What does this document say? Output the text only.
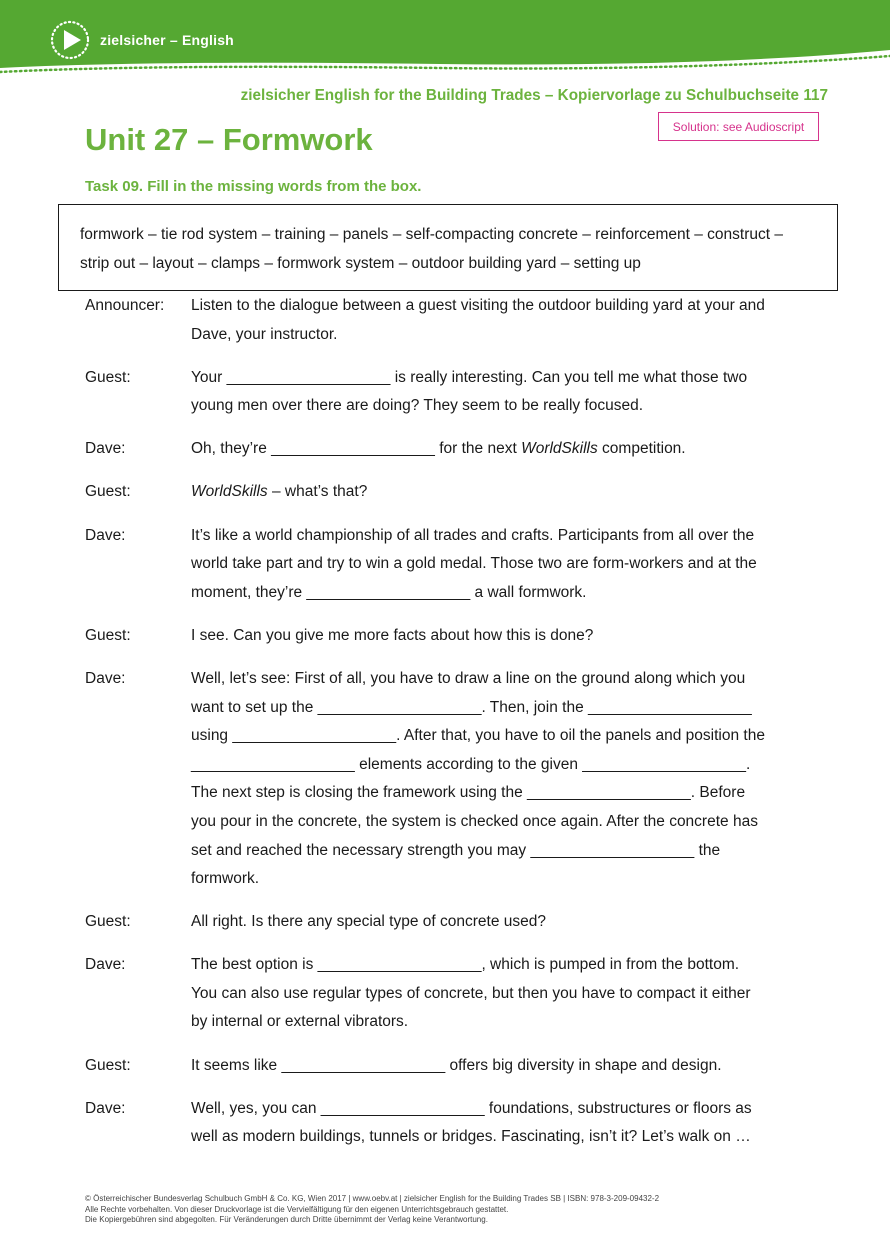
zielsicher – English
zielsicher English for the Building Trades – Kopiervorlage zu Schulbuchseite 117
Solution: see Audioscript
Unit 27 – Formwork
Task 09. Fill in the missing words from the box.
formwork – tie rod system – training – panels – self-compacting concrete – reinforcement – construct –
strip out – layout – clamps – formwork system – outdoor building yard – setting up
Announcer:	Listen to the dialogue between a guest visiting the outdoor building yard at your and
Dave, your instructor.
Guest:	Your ___________________ is really interesting. Can you tell me what those two
young men over there are doing? They seem to be really focused.
Dave:	Oh, they’re ___________________ for the next WorldSkills competition.
Guest:	WorldSkills – what’s that?
Dave:	It’s like a world championship of all trades and crafts. Participants from all over the
world take part and try to win a gold medal. Those two are form-workers and at the
moment, they’re ___________________ a wall formwork.
Guest:	I see. Can you give me more facts about how this is done?
Dave:	Well, let’s see: First of all, you have to draw a line on the ground along which you
want to set up the ___________________. Then, join the ___________________
using ___________________. After that, you have to oil the panels and position the
___________________ elements according to the given ___________________.
The next step is closing the framework using the ___________________. Before
you pour in the concrete, the system is checked once again. After the concrete has
set and reached the necessary strength you may ___________________ the
formwork.
Guest:	All right. Is there any special type of concrete used?
Dave:	The best option is ___________________, which is pumped in from the bottom.
You can also use regular types of concrete, but then you have to compact it either
by internal or external vibrators.
Guest:	It seems like ___________________ offers big diversity in shape and design.
Dave:	Well, yes, you can ___________________ foundations, substructures or floors as
well as modern buildings, tunnels or bridges. Fascinating, isn’t it? Let’s walk on …
© Österreichischer Bundesverlag Schulbuch GmbH & Co. KG, Wien 2017 | www.oebv.at | zielsicher English for the Building Trades SB | ISBN: 978-3-209-09432-2
Alle Rechte vorbehalten. Von dieser Druckvorlage ist die Vervielfältigung für den eigenen Unterrichtsgebrauch gestattet.
Die Kopiergebühren sind abgegolten. Für Veränderungen durch Dritte übernimmt der Verlag keine Verantwortung.
